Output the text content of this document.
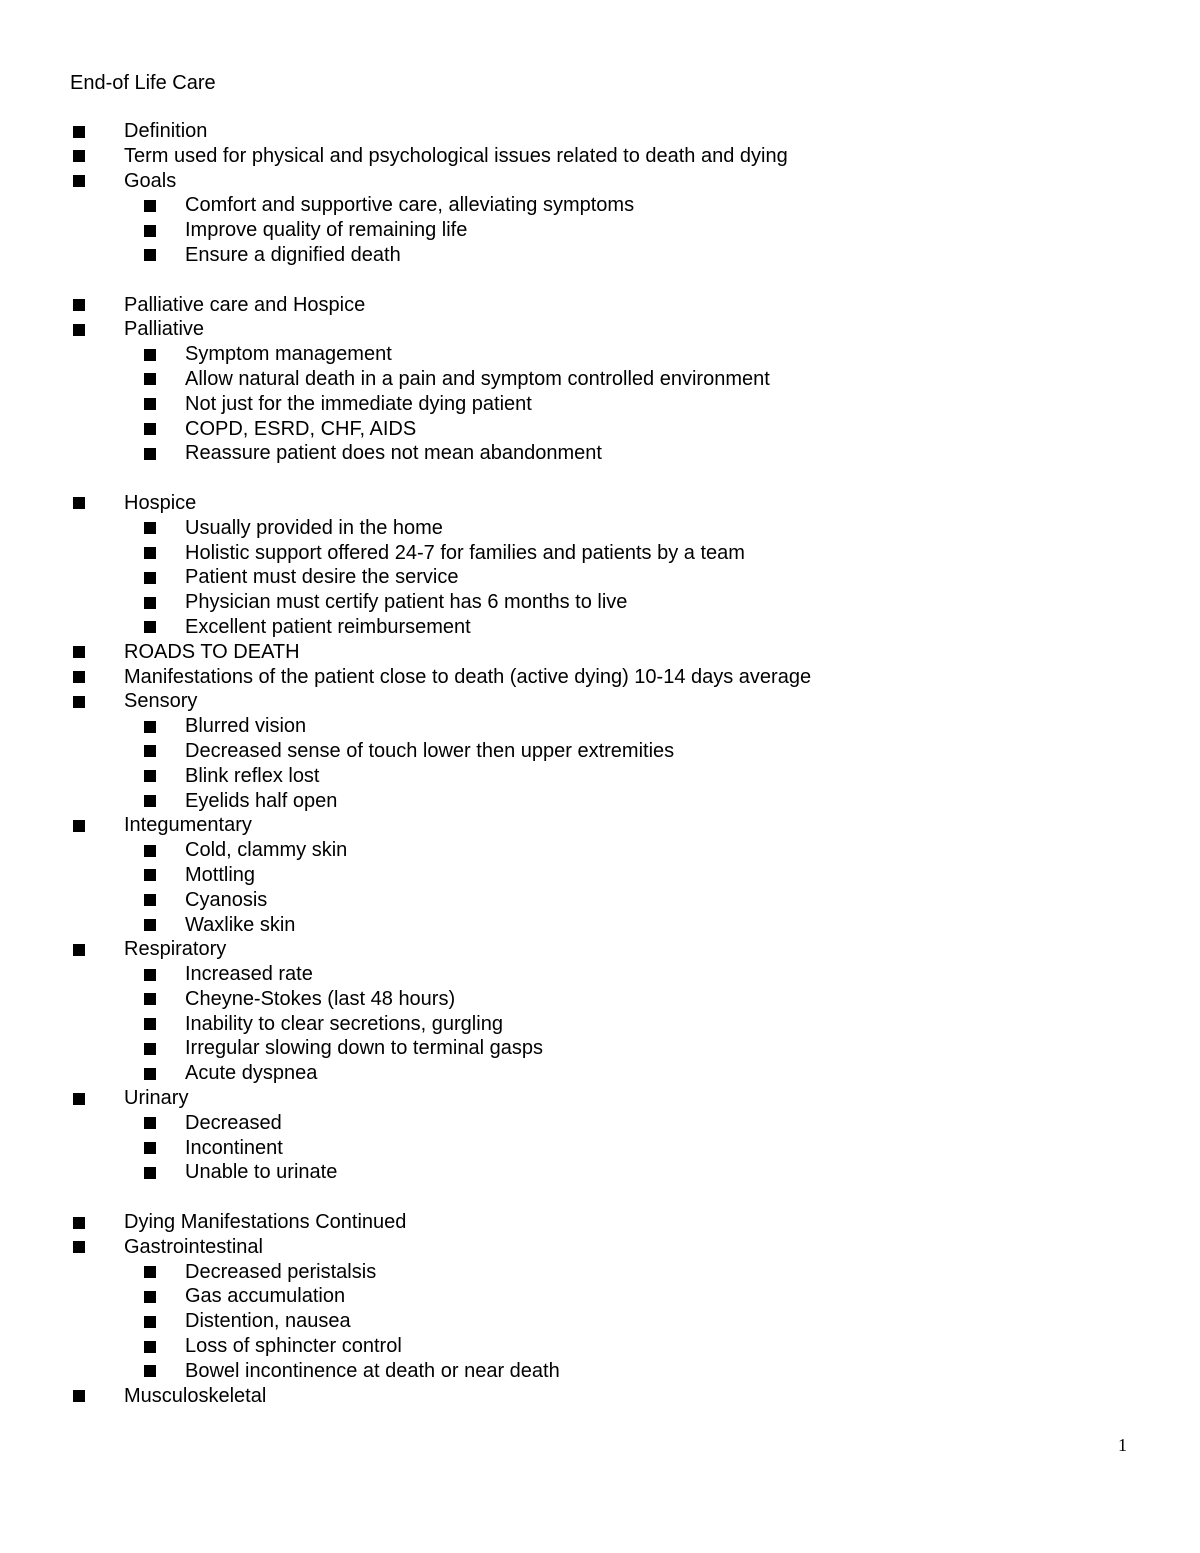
End-of Life Care
Definition
Term used for physical and psychological issues related to death and dying
Goals
Comfort and supportive care, alleviating symptoms
Improve quality of remaining life
Ensure a dignified death
Palliative care and Hospice
Palliative
Symptom management
Allow natural death in a pain and symptom controlled environment
Not just for the immediate dying patient
COPD, ESRD, CHF, AIDS
Reassure patient does not mean abandonment
Hospice
Usually provided in the home
Holistic support offered 24-7 for families and patients by a team
Patient must desire the service
Physician must certify patient has 6 months to live
Excellent patient reimbursement
ROADS TO DEATH
Manifestations of the patient close to death (active dying) 10-14 days average
Sensory
Blurred vision
Decreased sense of touch lower then upper extremities
Blink reflex lost
Eyelids half open
Integumentary
Cold, clammy skin
Mottling
Cyanosis
Waxlike skin
Respiratory
Increased rate
Cheyne-Stokes (last 48 hours)
Inability to clear secretions, gurgling
Irregular slowing down to terminal gasps
Acute dyspnea
Urinary
Decreased
Incontinent
Unable to urinate
Dying Manifestations Continued
Gastrointestinal
Decreased peristalsis
Gas accumulation
Distention, nausea
Loss of sphincter control
Bowel incontinence at death or near death
Musculoskeletal
1
